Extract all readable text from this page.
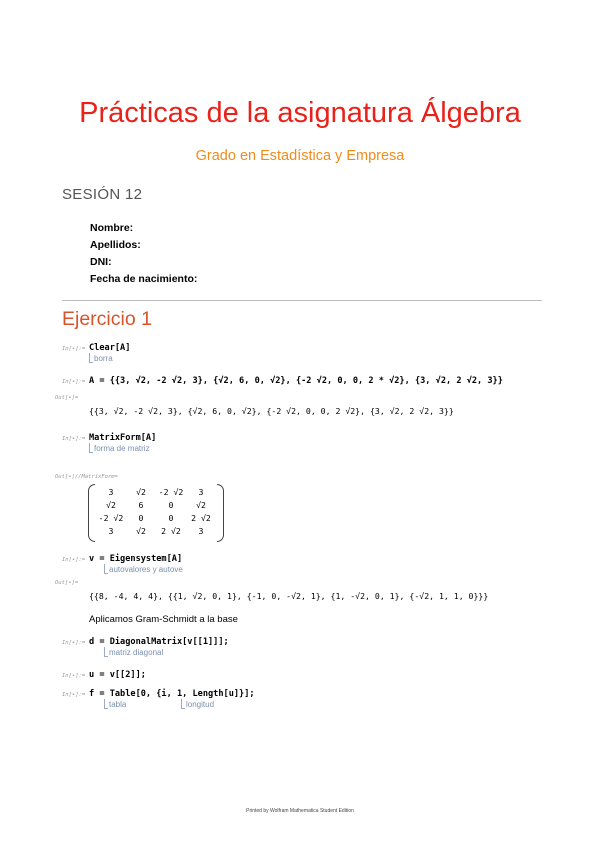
Prácticas de la asignatura Álgebra
Grado en Estadística y Empresa
SESIÓN 12
Nombre:
Apellidos:
DNI:
Fecha de nacimiento:
Ejercicio 1
In[•]:= Clear[A]
borra
In[•]:= A = {{3, √2, -2 √2, 3}, {√2, 6, 0, √2}, {-2 √2, 0, 0, 2 * √2}, {3, √2, 2 √2, 3}}
Out[•]=
{{3, √2, -2 √2, 3}, {√2, 6, 0, √2}, {-2 √2, 0, 0, 2 √2}, {3, √2, 2 √2, 3}}
In[•]:= MatrixForm[A]
forma de matriz
Out[•]//MatrixForm=
3	√2	-2 √2	3
√2	6	0	√2
-2 √2	0	0	2 √2
3	√2	2 √2	3
In[•]:= v = Eigensystem[A]
autovalores y autove
Out[•]=
{{8, -4, 4, 4}, {{1, √2, 0, 1}, {-1, 0, -√2, 1}, {1, -√2, 0, 1}, {-√2, 1, 1, 0}}}
Aplicamos Gram-Schmidt a la base
In[•]:= d = DiagonalMatrix[v[[1]]];
matriz diagonal
In[•]:= u = v[[2]];
In[•]:= f = Table[0, {i, 1, Length[u]}];
tabla	longitud
Printed by Wolfram Mathematica Student Edition
